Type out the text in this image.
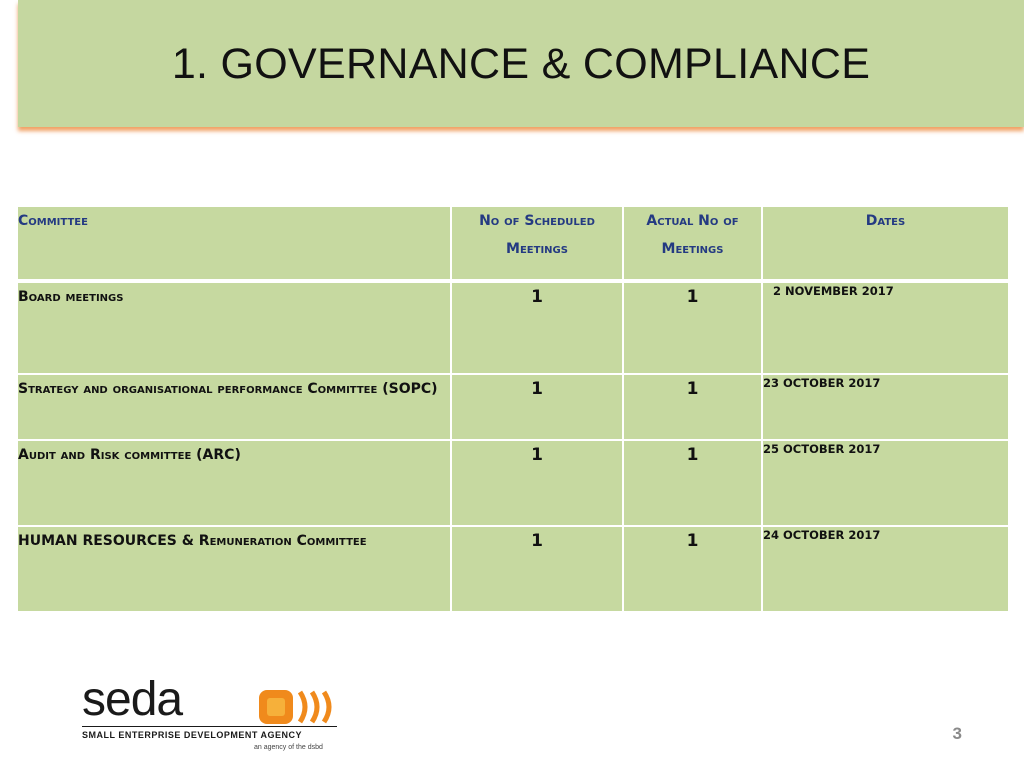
1. GOVERNANCE & COMPLIANCE
Committee	No of Scheduled Meetings	Actual No of Meetings	Dates
Board meetings	1	1	2 NOVEMBER 2017
Strategy and organisational performance Committee (SOPC)	1	1	23 OCTOBER 2017
Audit and Risk committee (ARC)	1	1	25 OCTOBER 2017
HUMAN RESOURCES & Remuneration Committee	1	1	24 OCTOBER 2017
seda
SMALL ENTERPRISE DEVELOPMENT AGENCY
an agency of the dsbd
3
